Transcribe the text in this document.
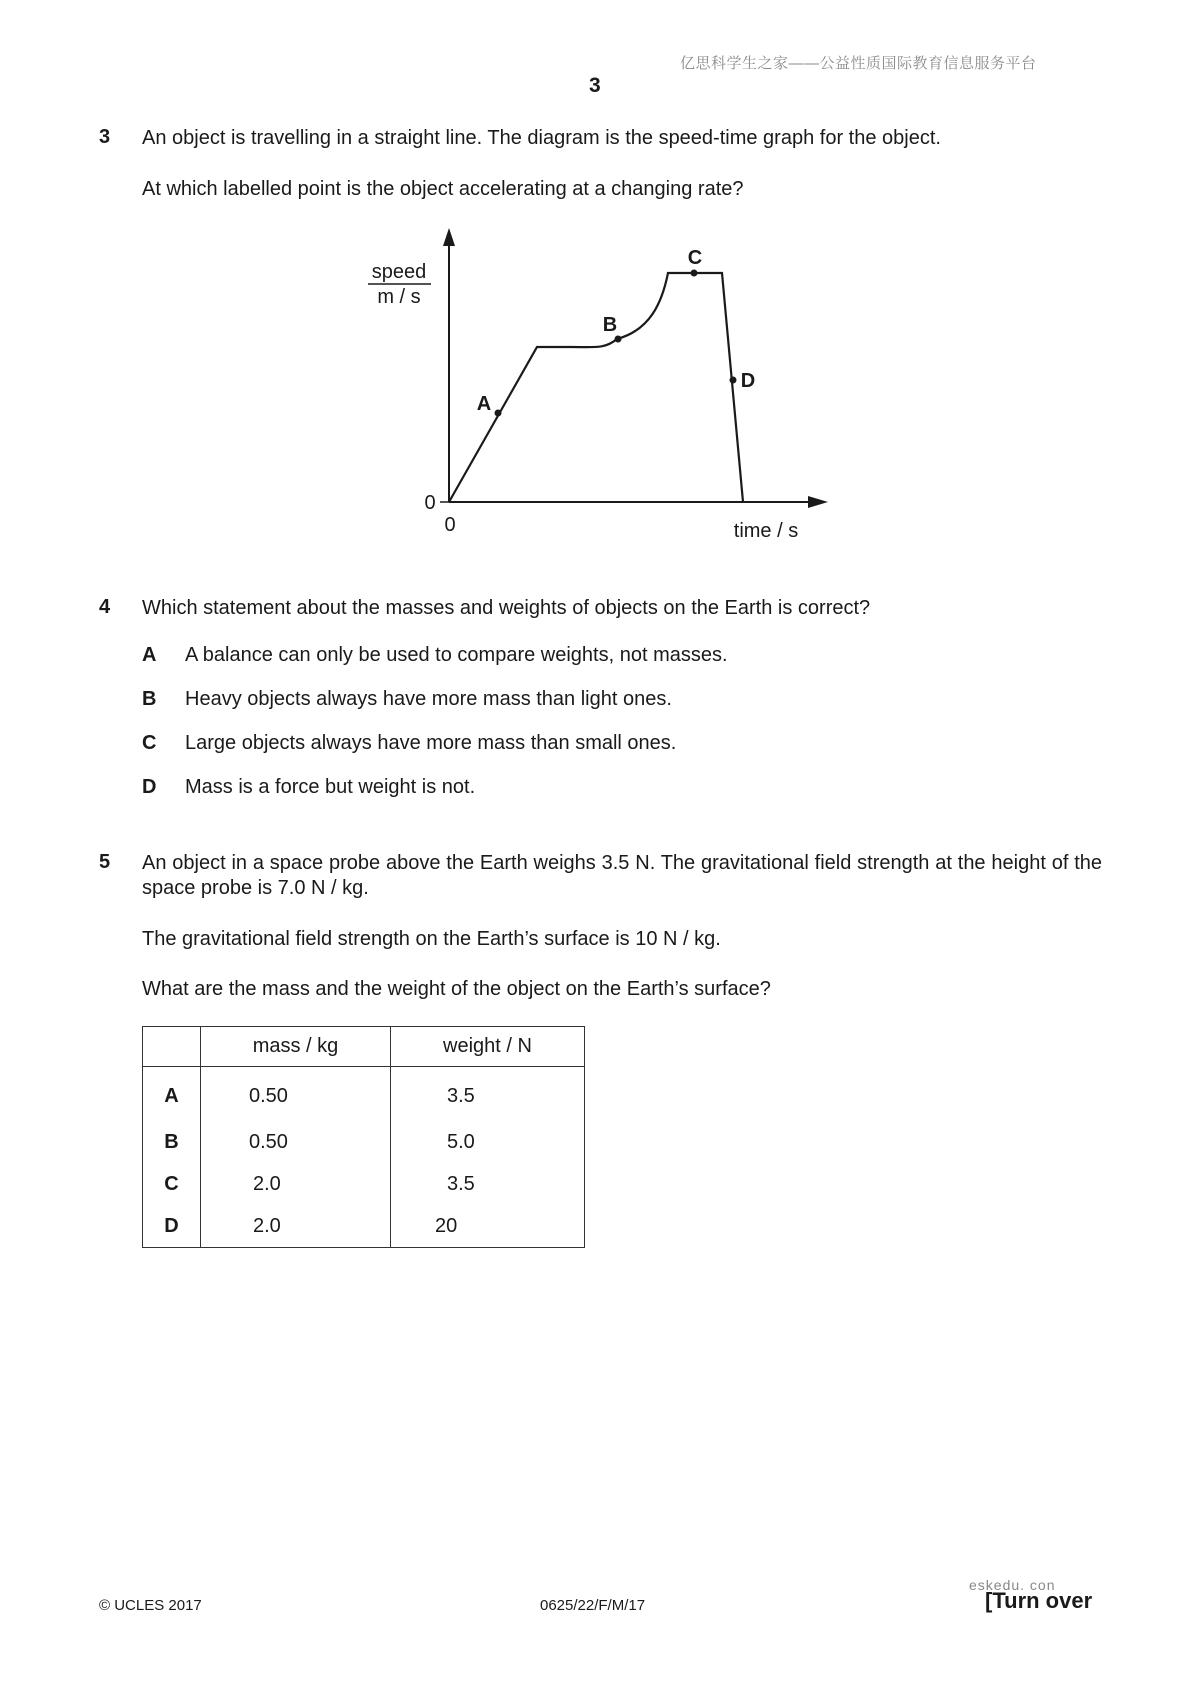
亿思科学生之家——公益性质国际教育信息服务平台
3
3 An object is travelling in a straight line. The diagram is the speed-time graph for the object.
At which labelled point is the object accelerating at a changing rate?
speed
m / s
0
0	time / s
A
B
C
D
4 Which statement about the masses and weights of objects on the Earth is correct?
A A balance can only be used to compare weights, not masses.
B Heavy objects always have more mass than light ones.
C Large objects always have more mass than small ones.
D Mass is a force but weight is not.
5 An object in a space probe above the Earth weighs 3.5 N. The gravitational field strength at the height of the space probe is 7.0 N / kg.
The gravitational field strength on the Earth’s surface is 10 N / kg.
What are the mass and the weight of the object on the Earth’s surface?
	mass / kg	weight / N
A	0.50	3.5
B	0.50	5.0
C	2.0	3.5
D	2.0	20
© UCLES 2017	0625/22/F/M/17
eskedu. con
[Turn over
